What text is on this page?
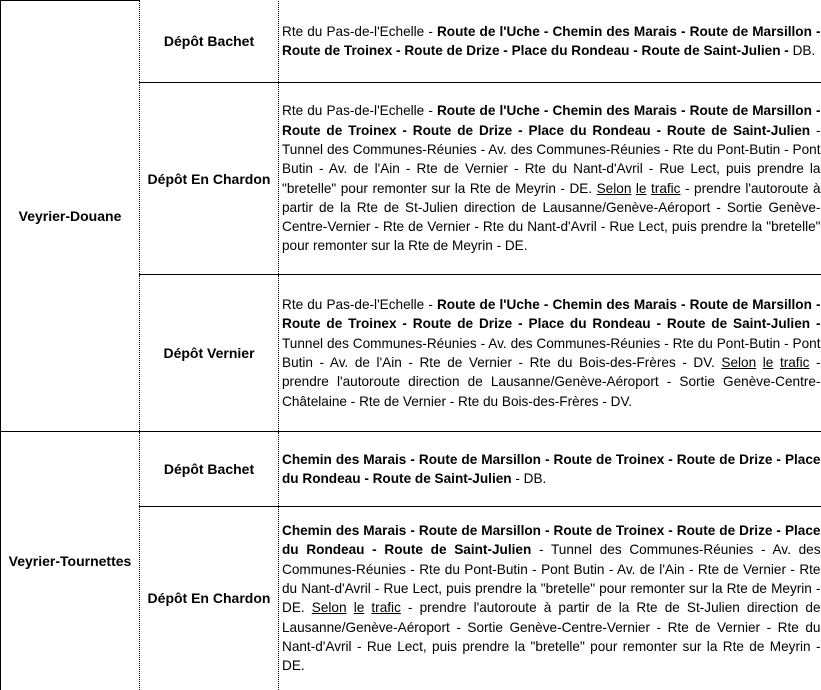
Veyrier-Douane	Dépôt Bachet	Rte du Pas-de-l'Echelle - Route de l'Uche - Chemin des Marais - Route de Marsillon - Route de Troinex - Route de Drize - Place du Rondeau - Route de Saint-Julien - DB.
	Dépôt En Chardon	Rte du Pas-de-l'Echelle - Route de l'Uche - Chemin des Marais - Route de Marsillon - Route de Troinex - Route de Drize - Place du Rondeau - Route de Saint-Julien - Tunnel des Communes-Réunies - Av. des Communes-Réunies - Rte du Pont-Butin - Pont Butin - Av. de l'Ain - Rte de Vernier - Rte du Nant-d'Avril - Rue Lect, puis prendre la "bretelle" pour remonter sur la Rte de Meyrin - DE. Selon le trafic - prendre l'autoroute à partir de la Rte de St-Julien direction de Lausanne/Genève-Aéroport - Sortie Genève-Centre-Vernier - Rte de Vernier - Rte du Nant-d'Avril - Rue Lect, puis prendre la "bretelle" pour remonter sur la Rte de Meyrin - DE.
	Dépôt Vernier	Rte du Pas-de-l'Echelle - Route de l'Uche - Chemin des Marais - Route de Marsillon - Route de Troinex - Route de Drize - Place du Rondeau - Route de Saint-Julien - Tunnel des Communes-Réunies - Av. des Communes-Réunies - Rte du Pont-Butin - Pont Butin - Av. de l'Ain - Rte de Vernier - Rte du Bois-des-Frères - DV. Selon le trafic - prendre l'autoroute direction de Lausanne/Genève-Aéroport - Sortie Genève-Centre-Châtelaine - Rte de Vernier - Rte du Bois-des-Frères - DV.
Veyrier-Tournettes	Dépôt Bachet	Chemin des Marais - Route de Marsillon - Route de Troinex - Route de Drize - Place du Rondeau - Route de Saint-Julien - DB.
	Dépôt En Chardon	Chemin des Marais - Route de Marsillon - Route de Troinex - Route de Drize - Place du Rondeau - Route de Saint-Julien - Tunnel des Communes-Réunies - Av. des Communes-Réunies - Rte du Pont-Butin - Pont Butin - Av. de l'Ain - Rte de Vernier - Rte du Nant-d'Avril - Rue Lect, puis prendre la "bretelle" pour remonter sur la Rte de Meyrin - DE. Selon le trafic - prendre l'autoroute à partir de la Rte de St-Julien direction de Lausanne/Genève-Aéroport - Sortie Genève-Centre-Vernier - Rte de Vernier - Rte du Nant-d'Avril - Rue Lect, puis prendre la "bretelle" pour remonter sur la Rte de Meyrin - DE.
